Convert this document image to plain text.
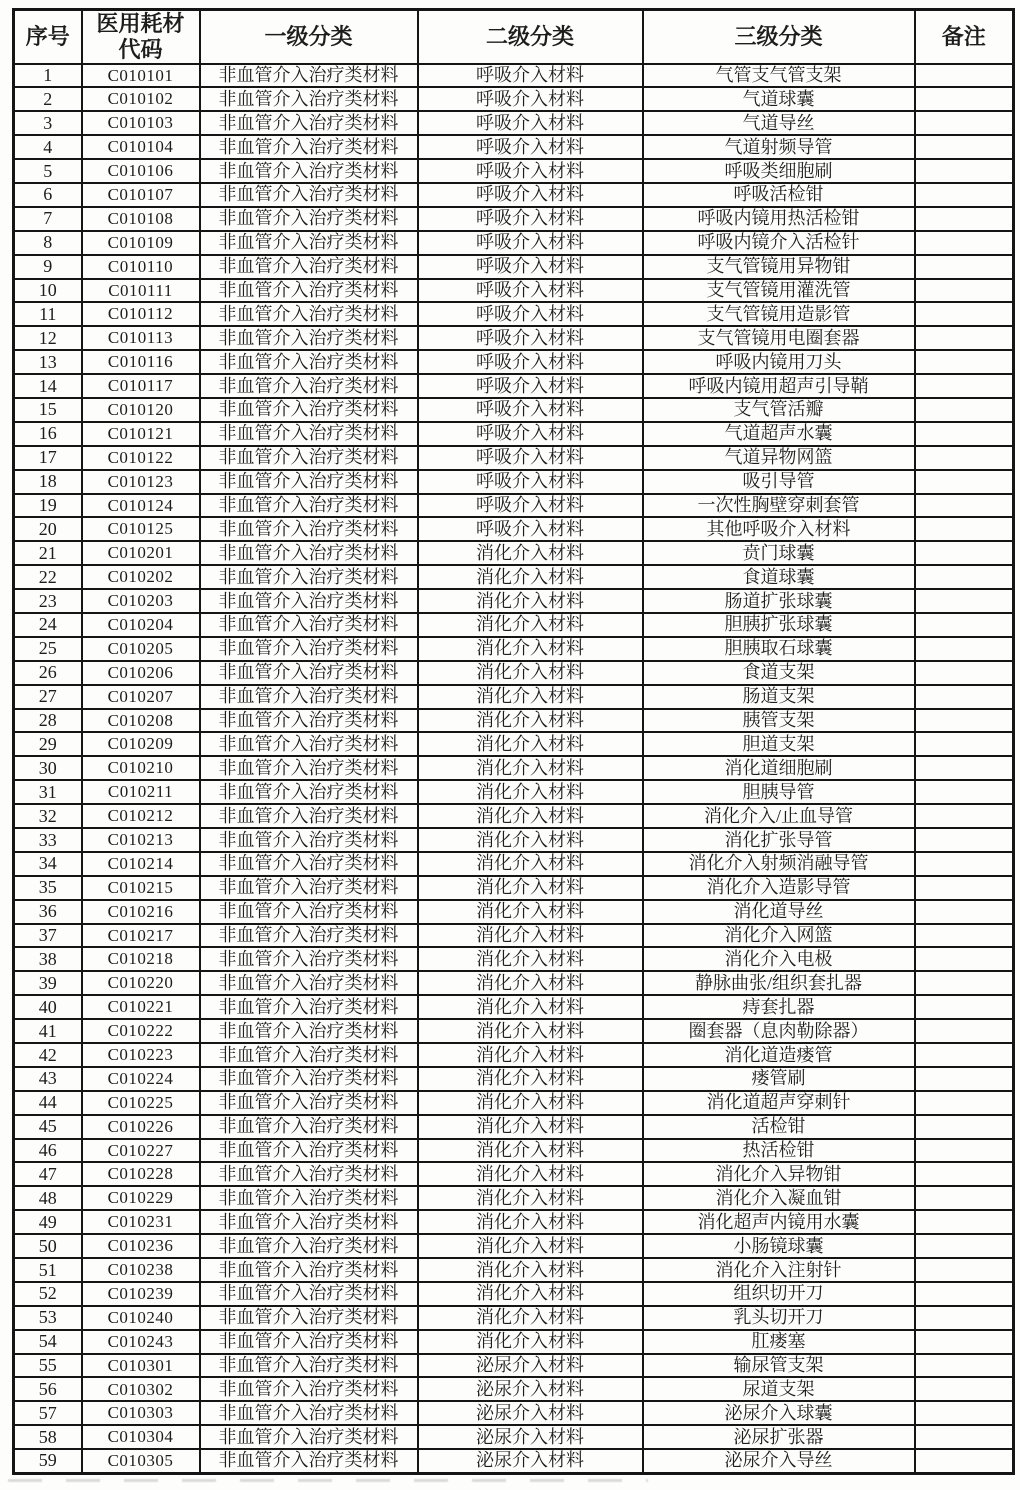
序号	医用耗材代码	一级分类	二级分类	三级分类	备注
1	C010101	非血管介入治疗类材料	呼吸介入材料	气管支气管支架	
2	C010102	非血管介入治疗类材料	呼吸介入材料	气道球囊	
3	C010103	非血管介入治疗类材料	呼吸介入材料	气道导丝	
4	C010104	非血管介入治疗类材料	呼吸介入材料	气道射频导管	
5	C010106	非血管介入治疗类材料	呼吸介入材料	呼吸类细胞刷	
6	C010107	非血管介入治疗类材料	呼吸介入材料	呼吸活检钳	
7	C010108	非血管介入治疗类材料	呼吸介入材料	呼吸内镜用热活检钳	
8	C010109	非血管介入治疗类材料	呼吸介入材料	呼吸内镜介入活检针	
9	C010110	非血管介入治疗类材料	呼吸介入材料	支气管镜用异物钳	
10	C010111	非血管介入治疗类材料	呼吸介入材料	支气管镜用灌洗管	
11	C010112	非血管介入治疗类材料	呼吸介入材料	支气管镜用造影管	
12	C010113	非血管介入治疗类材料	呼吸介入材料	支气管镜用电圈套器	
13	C010116	非血管介入治疗类材料	呼吸介入材料	呼吸内镜用刀头	
14	C010117	非血管介入治疗类材料	呼吸介入材料	呼吸内镜用超声引导鞘	
15	C010120	非血管介入治疗类材料	呼吸介入材料	支气管活瓣	
16	C010121	非血管介入治疗类材料	呼吸介入材料	气道超声水囊	
17	C010122	非血管介入治疗类材料	呼吸介入材料	气道异物网篮	
18	C010123	非血管介入治疗类材料	呼吸介入材料	吸引导管	
19	C010124	非血管介入治疗类材料	呼吸介入材料	一次性胸壁穿刺套管	
20	C010125	非血管介入治疗类材料	呼吸介入材料	其他呼吸介入材料	
21	C010201	非血管介入治疗类材料	消化介入材料	贲门球囊	
22	C010202	非血管介入治疗类材料	消化介入材料	食道球囊	
23	C010203	非血管介入治疗类材料	消化介入材料	肠道扩张球囊	
24	C010204	非血管介入治疗类材料	消化介入材料	胆胰扩张球囊	
25	C010205	非血管介入治疗类材料	消化介入材料	胆胰取石球囊	
26	C010206	非血管介入治疗类材料	消化介入材料	食道支架	
27	C010207	非血管介入治疗类材料	消化介入材料	肠道支架	
28	C010208	非血管介入治疗类材料	消化介入材料	胰管支架	
29	C010209	非血管介入治疗类材料	消化介入材料	胆道支架	
30	C010210	非血管介入治疗类材料	消化介入材料	消化道细胞刷	
31	C010211	非血管介入治疗类材料	消化介入材料	胆胰导管	
32	C010212	非血管介入治疗类材料	消化介入材料	消化介入/止血导管	
33	C010213	非血管介入治疗类材料	消化介入材料	消化扩张导管	
34	C010214	非血管介入治疗类材料	消化介入材料	消化介入射频消融导管	
35	C010215	非血管介入治疗类材料	消化介入材料	消化介入造影导管	
36	C010216	非血管介入治疗类材料	消化介入材料	消化道导丝	
37	C010217	非血管介入治疗类材料	消化介入材料	消化介入网篮	
38	C010218	非血管介入治疗类材料	消化介入材料	消化介入电极	
39	C010220	非血管介入治疗类材料	消化介入材料	静脉曲张/组织套扎器	
40	C010221	非血管介入治疗类材料	消化介入材料	痔套扎器	
41	C010222	非血管介入治疗类材料	消化介入材料	圈套器（息肉勒除器）	
42	C010223	非血管介入治疗类材料	消化介入材料	消化道造瘘管	
43	C010224	非血管介入治疗类材料	消化介入材料	瘘管刷	
44	C010225	非血管介入治疗类材料	消化介入材料	消化道超声穿刺针	
45	C010226	非血管介入治疗类材料	消化介入材料	活检钳	
46	C010227	非血管介入治疗类材料	消化介入材料	热活检钳	
47	C010228	非血管介入治疗类材料	消化介入材料	消化介入异物钳	
48	C010229	非血管介入治疗类材料	消化介入材料	消化介入凝血钳	
49	C010231	非血管介入治疗类材料	消化介入材料	消化超声内镜用水囊	
50	C010236	非血管介入治疗类材料	消化介入材料	小肠镜球囊	
51	C010238	非血管介入治疗类材料	消化介入材料	消化介入注射针	
52	C010239	非血管介入治疗类材料	消化介入材料	组织切开刀	
53	C010240	非血管介入治疗类材料	消化介入材料	乳头切开刀	
54	C010243	非血管介入治疗类材料	消化介入材料	肛瘘塞	
55	C010301	非血管介入治疗类材料	泌尿介入材料	输尿管支架	
56	C010302	非血管介入治疗类材料	泌尿介入材料	尿道支架	
57	C010303	非血管介入治疗类材料	泌尿介入材料	泌尿介入球囊	
58	C010304	非血管介入治疗类材料	泌尿介入材料	泌尿扩张器	
59	C010305	非血管介入治疗类材料	泌尿介入材料	泌尿介入导丝	
